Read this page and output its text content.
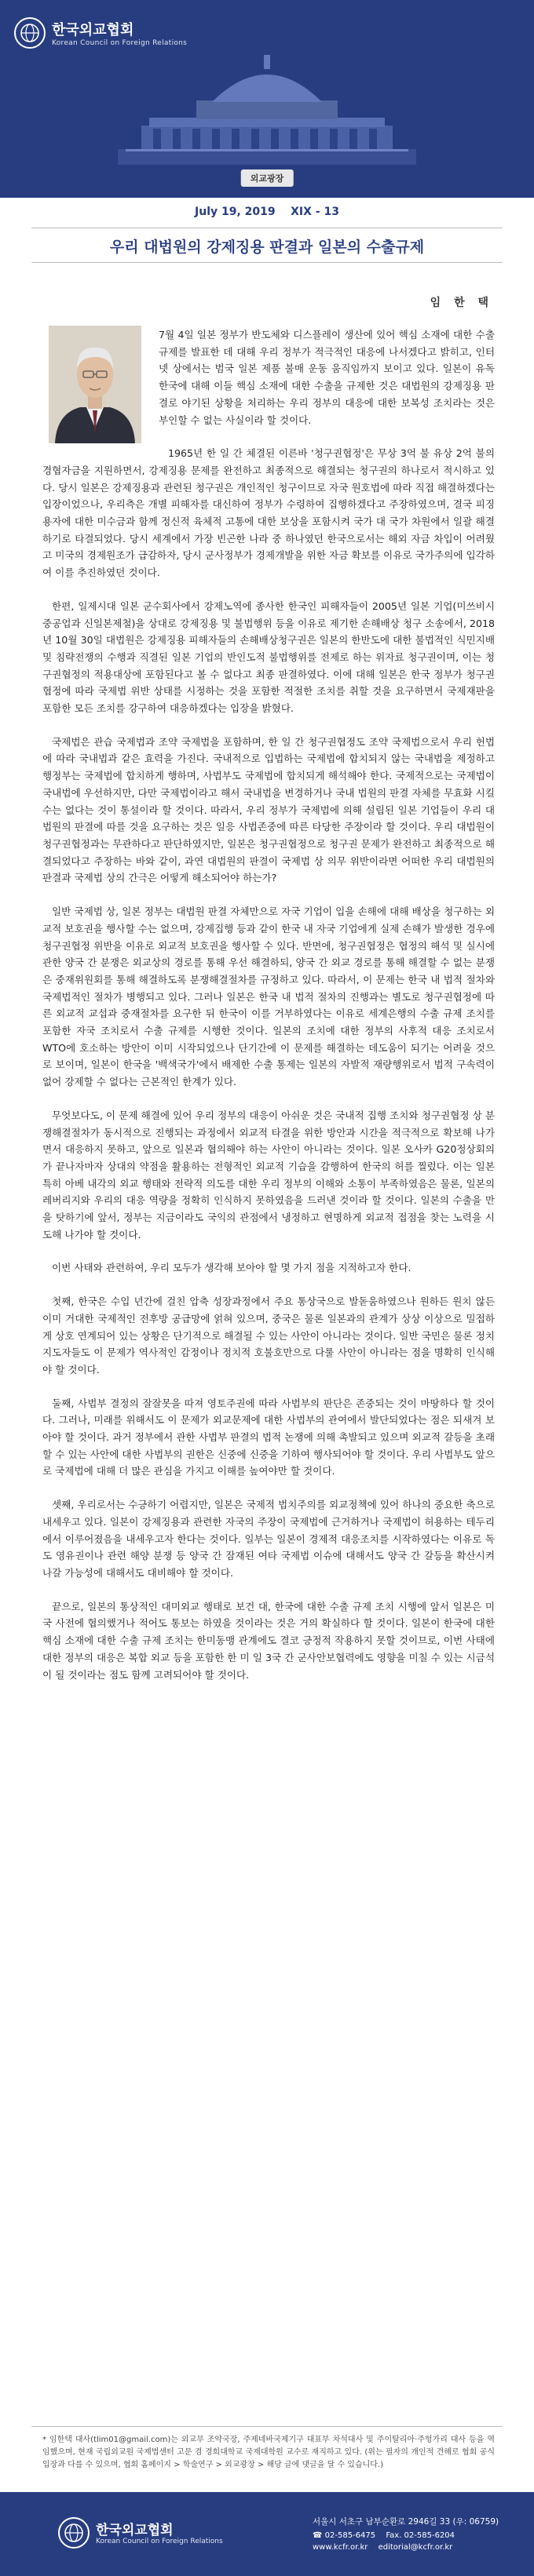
한국외교협회
Korean Council on Foreign Relations
외교광장
July 19, 2019 XIX - 13
우리 대법원의 강제징용 판결과 일본의 수출규제
임 한 택

7월 4일 일본 정부가 반도체와 디스플레이 생산에 있어 핵심 소재에 대한 수출 규제를 발표한 데 대해 우리 정부가 적극적인 대응에 나서겠다고 밝히고, 인터넷 상에서는 범국 일본 제품 불매 운동 움직임까지 보이고 있다. 일본이 유독 한국에 대해 이들 핵심 소재에 대한 수출을 규제한 것은 대법원의 강제징용 판결로 야기된 상황을 처리하는 우리 정부의 대응에 대한 보복성 조치라는 것은 부인할 수 없는 사실이라 할 것이다.

1965년 한 일 간 체결된 이른바 '청구권협정'은 무상 3억 불 유상 2억 불의 경협자금을 지원하면서, 강제징용 문제를 완전하고 최종적으로 해결되는 청구권의 하나로서 적시하고 있다. 당시 일본은 강제징용과 관련된 청구권은 개인적인 청구이므로 자국 원호법에 따라 직접 해결하겠다는 입장이었으나, 우리측은 개별 피해자를 대신하여 정부가 수령하여 집행하겠다고 주장하였으며, 결국 피징용자에 대한 미수금과 함께 정신적 육체적 고통에 대한 보상을 포함시켜 국가 대 국가 차원에서 일괄 해결하기로 타결되었다. 당시 세계에서 가장 빈곤한 나라 중 하나였던 한국으로서는 해외 자금 차입이 어려웠고 미국의 경제원조가 급감하자, 당시 군사정부가 경제개발을 위한 자금 확보를 이유로 국가주의에 입각하여 이를 추진하였던 것이다.

한편, 일제시대 일본 군수회사에서 강제노역에 종사한 한국인 피해자들이 2005년 일본 기업(미쓰비시 중공업과 신일본제철)을 상대로 강제징용 및 불법행위 등을 이유로 제기한 손해배상 청구 소송에서, 2018년 10월 30일 대법원은 강제징용 피해자들의 손해배상청구권은 일본의 한반도에 대한 불법적인 식민지배 및 침략전쟁의 수행과 직결된 일본 기업의 반인도적 불법행위를 전제로 하는 위자료 청구권이며, 이는 청구권협정의 적용대상에 포함된다고 볼 수 없다고 최종 판결하였다. 이에 대해 일본은 한국 정부가 청구권협정에 따라 국제법 위반 상태를 시정하는 것을 포함한 적절한 조치를 취할 것을 요구하면서 국제재판을 포함한 모든 조치를 강구하여 대응하겠다는 입장을 밝혔다.

국제법은 관습 국제법과 조약 국제법을 포함하며, 한 일 간 청구권협정도 조약 국제법으로서 우리 헌법에 따라 국내법과 같은 효력을 가진다. 국내적으로 입법하는 국제법에 합치되지 않는 국내법을 제정하고 행정부는 국제법에 합치하게 행하며, 사법부도 국제법에 합치되게 해석해야 한다. 국제적으로는 국제법이 국내법에 우선하지만, 다만 국제법이라고 해서 국내법을 변경하거나 국내 법원의 판결 자체를 무효화 시킬 수는 없다는 것이 통설이라 할 것이다. 따라서, 우리 정부가 국제법에 의해 설립된 일본 기업들이 우리 대법원의 판결에 따를 것을 요구하는 것은 일응 사법존중에 따른 타당한 주장이라 할 것이다. 우리 대법원이 청구권협정과는 무관하다고 판단하였지만, 일본은 청구권협정으로 청구권 문제가 완전하고 최종적으로 해결되었다고 주장하는 바와 같이, 과연 대법원의 판결이 국제법 상 의무 위반이라면 어떠한 우리 대법원의 판결과 국제법 상의 간극은 어떻게 해소되어야 하는가?

일반 국제법 상, 일본 정부는 대법원 판결 자체만으로 자국 기업이 입을 손해에 대해 배상을 청구하는 외교적 보호권을 행사할 수는 없으며, 강제집행 등과 같이 한국 내 자국 기업에게 실제 손해가 발생한 경우에 청구권협정 위반을 이유로 외교적 보호권을 행사할 수 있다. 반면에, 청구권협정은 협정의 해석 및 실시에 관한 양국 간 분쟁은 외교상의 경로를 통해 우선 해결하되, 양국 간 외교 경로를 통해 해결할 수 없는 분쟁은 중재위원회를 통해 해결하도록 분쟁해결절차를 규정하고 있다. 따라서, 이 문제는 한국 내 법적 절차와 국제법적인 절차가 병행되고 있다. 그러나 일본은 한국 내 법적 절차의 진행과는 별도로 청구권협정에 따른 외교적 교섭과 중재절차를 요구한 뒤 한국이 이를 거부하였다는 이유로 세계은행의 수출 규제 조치를 포함한 자국 조치로서 수출 규제를 시행한 것이다. 일본의 조치에 대한 정부의 사후적 대응 조치로서 WTO에 호소하는 방안이 이미 시작되었으나 단기간에 이 문제를 해결하는 데도움이 되기는 어려울 것으로 보이며, 일본이 한국을 '백색국가'에서 배제한 수출 통제는 일본의 자발적 재량행위로서 법적 구속력이 없어 강제할 수 없다는 근본적인 한계가 있다.

무엇보다도, 이 문제 해결에 있어 우리 정부의 대응이 아쉬운 것은 국내적 집행 조치와 청구권협정 상 분쟁해결절차가 동시적으로 진행되는 과정에서 외교적 타결을 위한 방안과 시간을 적극적으로 확보해 나가면서 대응하지 못하고, 앞으로 일본과 협의해야 하는 사안이 아니라는 것이다. 일본 오사카 G20정상회의가 끝나자마자 상대의 약점을 활용하는 전형적인 외교적 기습을 감행하여 한국의 허를 찔렀다. 이는 일본 특히 아베 내각의 외교 행태와 전략적 의도를 대한 우리 정부의 이해와 소통이 부족하였음은 물론, 일본의 레버리지와 우리의 대응 역량을 정확히 인식하지 못하였음을 드러낸 것이라 할 것이다. 일본의 수출을 만을 탓하기에 앞서, 정부는 지금이라도 국익의 관점에서 냉정하고 현명하게 외교적 접점을 찾는 노력을 시도해 나가야 할 것이다.

이번 사태와 관련하여, 우리 모두가 생각해 보아야 할 몇 가지 점을 지적하고자 한다.

첫째, 한국은 수입 년간에 걸친 압축 성장과정에서 주요 통상국으로 발돋움하였으나 원하든 원치 않든 이미 거대한 국제적인 전후방 공급망에 얽혀 있으며, 중국은 물론 일본과의 관계가 상상 이상으로 밀접하게 상호 연계되어 있는 상황은 단기적으로 해결될 수 있는 사안이 아니라는 것이다. 일반 국민은 물론 정치 지도자들도 이 문제가 역사적인 감정이나 정치적 호불호만으로 다룰 사안이 아니라는 점을 명확히 인식해야 할 것이다.

둘째, 사법부 결정의 잘잘못을 따져 영토주권에 따라 사법부의 판단은 존중되는 것이 마땅하다 할 것이다. 그러나, 미래를 위해서도 이 문제가 외교문제에 대한 사법부의 관여에서 발단되었다는 점은 되새겨 보아야 할 것이다. 과거 정부에서 관한 사법부 판결의 법적 논쟁에 의해 촉발되고 있으며 외교적 갈등을 초래할 수 있는 사안에 대한 사법부의 권한은 신중에 신중을 기하여 행사되어야 할 것이다. 우리 사법부도 앞으로 국제법에 대해 더 많은 관심을 가지고 이해를 높여야만 할 것이다.

셋째, 우리로서는 수긍하기 어렵지만, 일본은 국제적 법치주의를 외교정책에 있어 하나의 중요한 축으로 내세우고 있다. 일본이 강제징용과 관련한 자국의 주장이 국제법에 근거하거나 국제법이 허용하는 테두리에서 이루어졌음을 내세우고자 한다는 것이다. 일부는 일본이 경제적 대응조치를 시작하였다는 이유로 독도 영유권이나 관련 해양 분쟁 등 양국 간 잠재된 여타 국제법 이슈에 대해서도 양국 간 갈등을 확산시켜 나갈 가능성에 대해서도 대비해야 할 것이다.

끝으로, 일본의 통상적인 대미외교 행태로 보건 대, 한국에 대한 수출 규제 조치 시행에 앞서 일본은 미국 사전에 협의했거나 적어도 통보는 하였을 것이라는 것은 거의 확실하다 할 것이다. 일본이 한국에 대한 핵심 소재에 대한 수출 규제 조치는 한미동맹 관계에도 결코 긍정적 작용하지 못할 것이므로, 이번 사태에 대한 정부의 대응은 복합 외교 등을 포함한 한 미 일 3국 간 군사안보협력에도 영향을 미칠 수 있는 시금석이 될 것이라는 점도 함께 고려되어야 할 것이다.

* 임한택 대사(tlim01@gmail.com)는 외교부 조약국장, 주제네바국제기구 대표부 차석대사 및 주이탈리아·주헝가리 대사 등을 역임했으며, 현재 국립외교원 국제법센터 고문 겸 경희대학교 국제대학원 교수로 재직하고 있다. (위는 필자의 개인적 견해로 협회 공식 입장과 다를 수 있으며, 협회 홈페이지 > 학술연구 > 외교광장 > 해당 글에 댓글을 달 수 있습니다.)
한국외교협회
Korean Council on Foreign Relations
서울시 서초구 남부순환로 2946길 33 (우: 06759)
☎ 02-585-6475 Fax. 02-585-6204
www.kcfr.or.kr editorial@kcfr.or.kr
